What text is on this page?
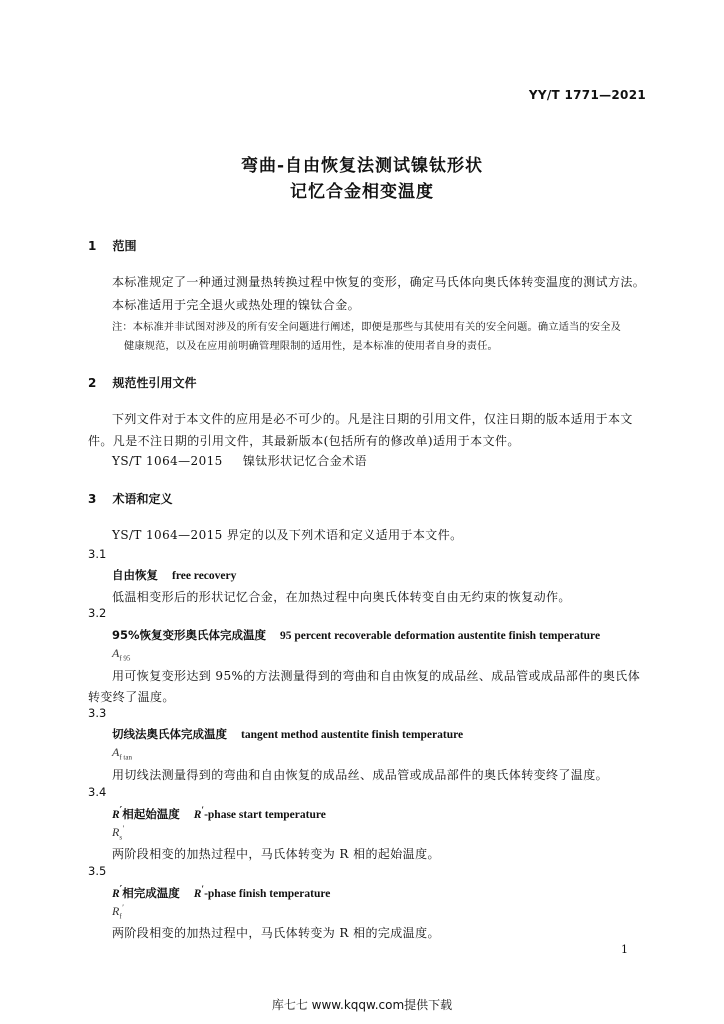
YY/T 1771—2021
弯曲-自由恢复法测试镍钛形状
记忆合金相变温度
1 范围
本标准规定了一种通过测量热转换过程中恢复的变形，确定马氏体向奥氏体转变温度的测试方法。
本标准适用于完全退火或热处理的镍钛合金。
注：本标准并非试图对涉及的所有安全问题进行阐述，即便是那些与其使用有关的安全问题。确立适当的安全及
健康规范，以及在应用前明确管理限制的适用性，是本标准的使用者自身的责任。
2 规范性引用文件
下列文件对于本文件的应用是必不可少的。凡是注日期的引用文件，仅注日期的版本适用于本文
件。凡是不注日期的引用文件，其最新版本(包括所有的修改单)适用于本文件。
YS/T 1064—2015 镍钛形状记忆合金术语
3 术语和定义
YS/T 1064—2015 界定的以及下列术语和定义适用于本文件。
3.1
自由恢复 free recovery
低温相变形后的形状记忆合金，在加热过程中向奥氏体转变自由无约束的恢复动作。
3.2
95%恢复变形奥氏体完成温度 95 percent recoverable deformation austentite finish temperature
$A_{f 95}$
用可恢复变形达到 95%的方法测量得到的弯曲和自由恢复的成品丝、成品管或成品部件的奥氏体
转变终了温度。
3.3
切线法奥氏体完成温度 tangent method austentite finish temperature
$A_{f tan}$
用切线法测量得到的弯曲和自由恢复的成品丝、成品管或成品部件的奥氏体转变终了温度。
3.4
R′相起始温度 R′-phase start temperature
$R_s'$
两阶段相变的加热过程中，马氏体转变为 R 相的起始温度。
3.5
R′相完成温度 R′-phase finish temperature
$R_f'$
两阶段相变的加热过程中，马氏体转变为 R 相的完成温度。
1
库七七 www.kqqw.com提供下载
